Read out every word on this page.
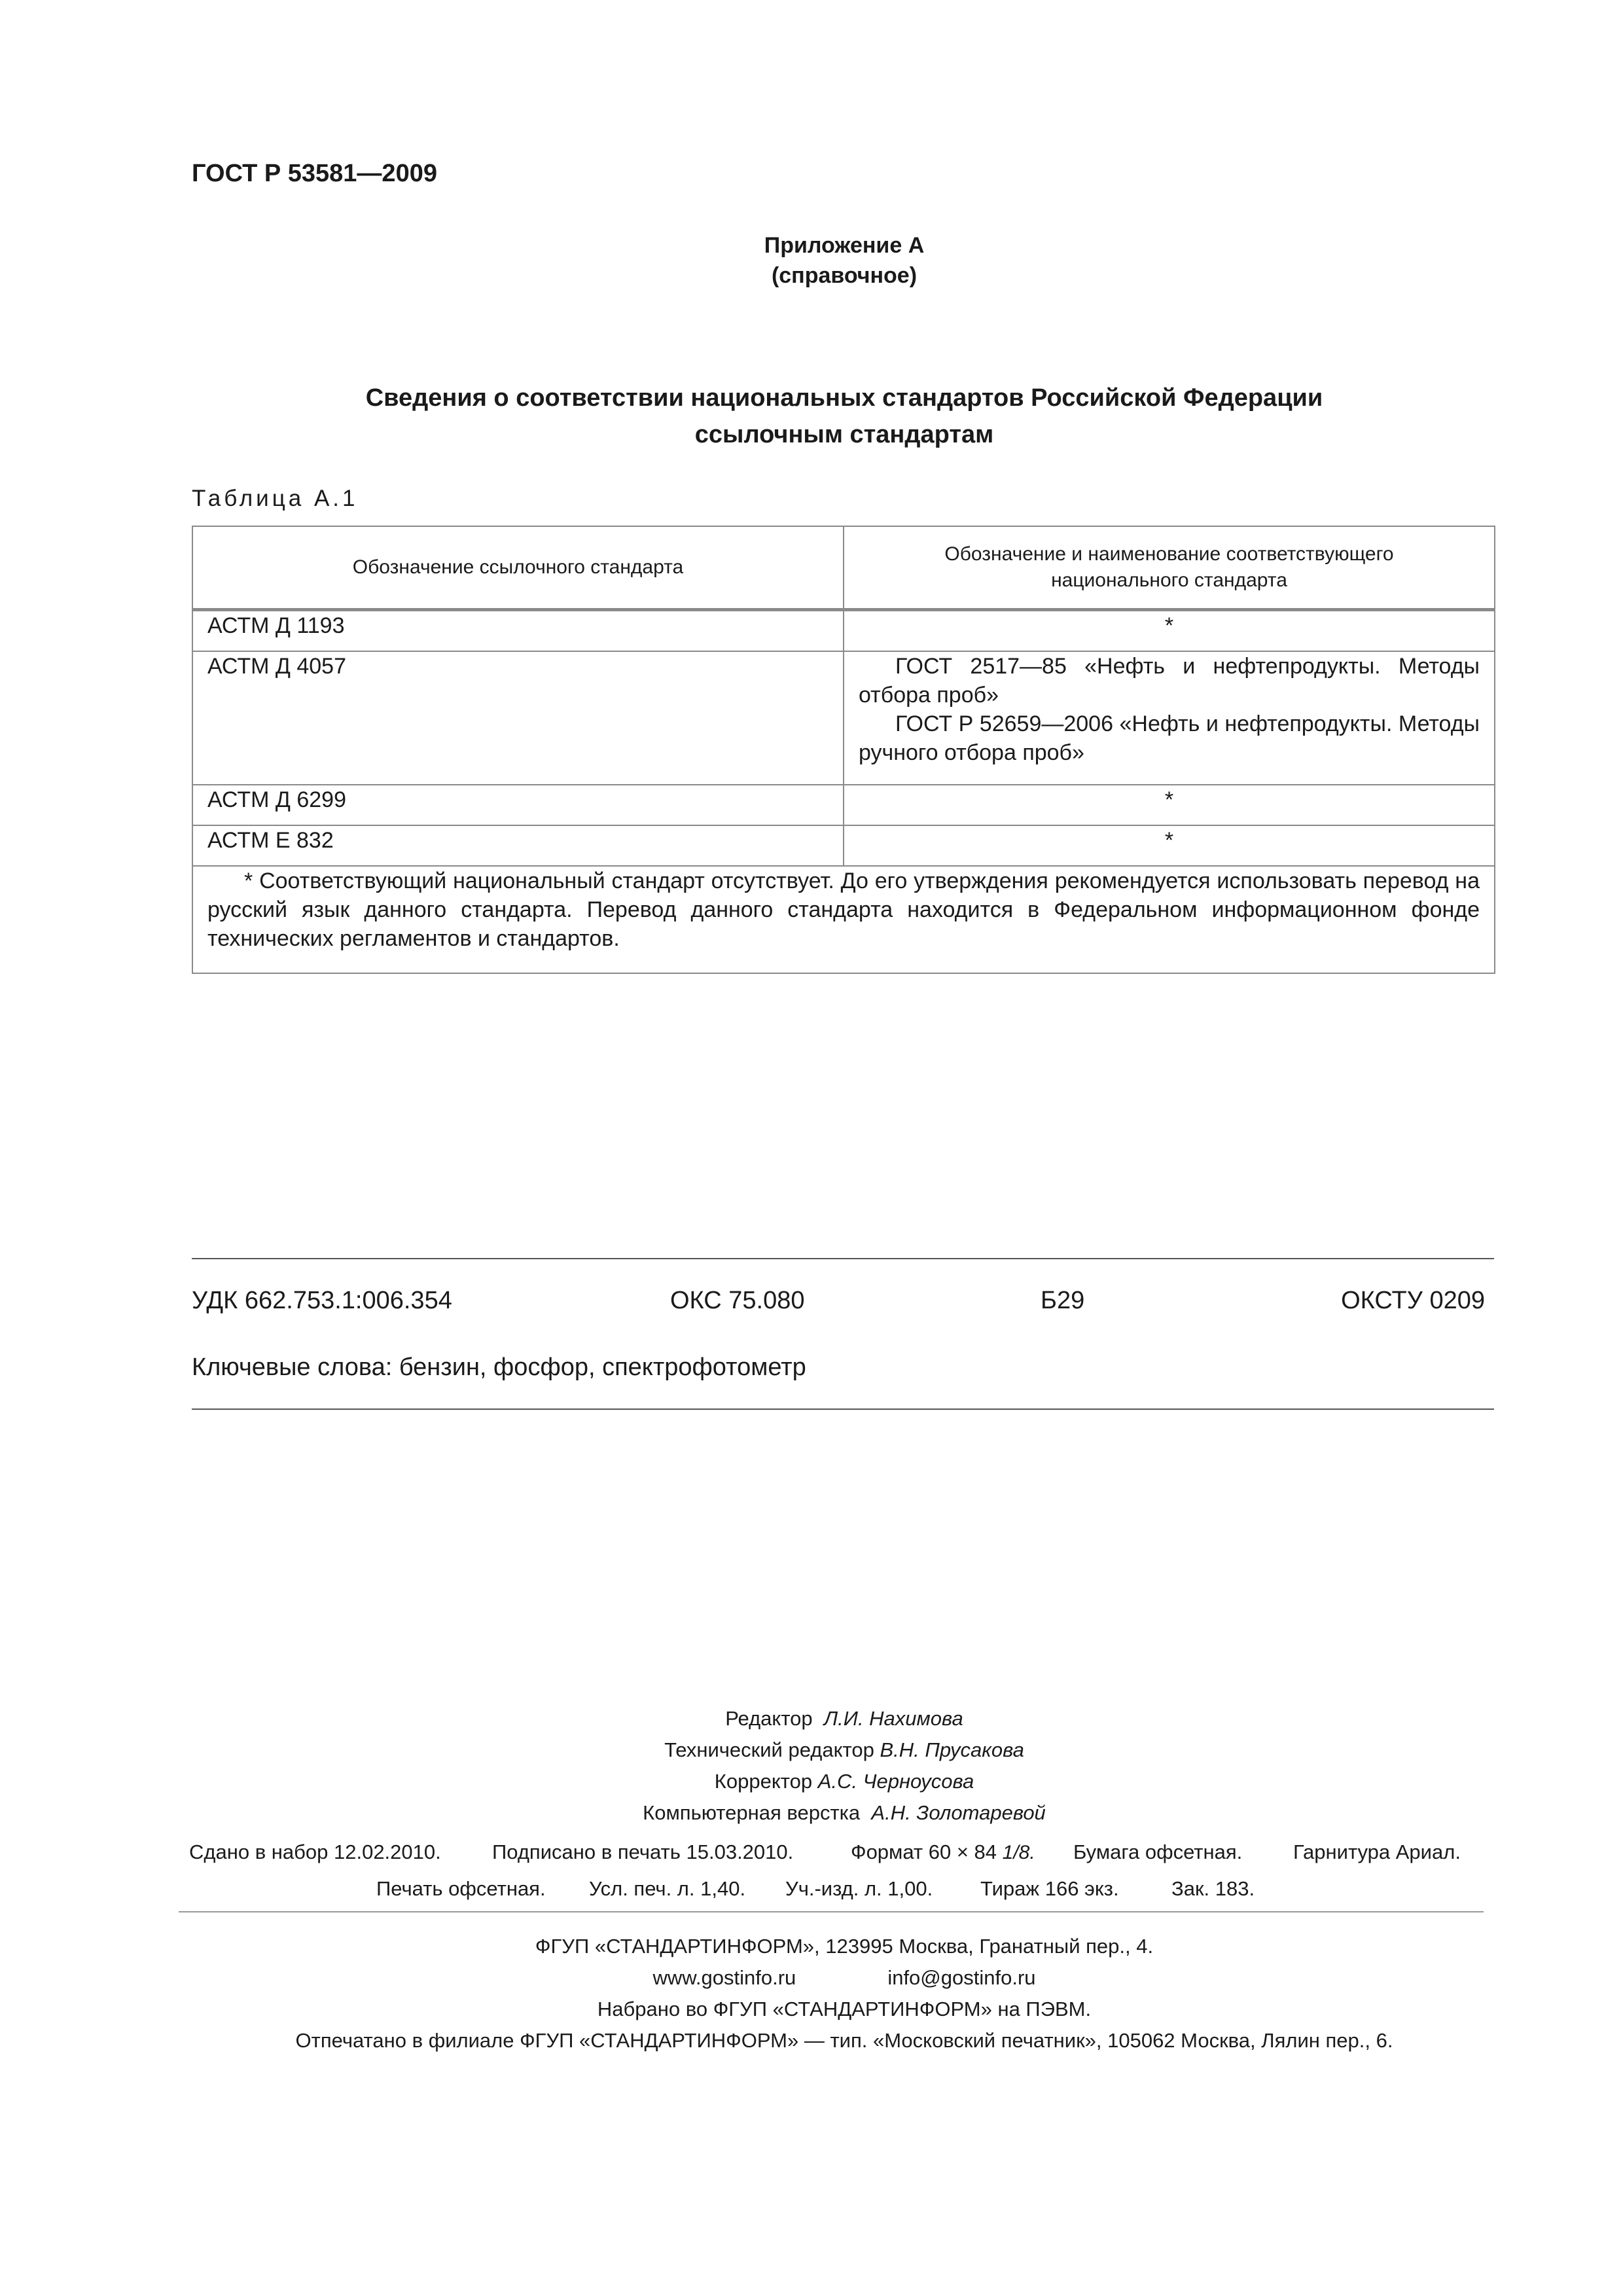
ГОСТ Р 53581—2009
Приложение А
(справочное)
Сведения о соответствии национальных стандартов Российской Федерации
ссылочным стандартам
Таблица А.1
Обозначение ссылочного стандарта	Обозначение и наименование соответствующего национального стандарта
АСТМ Д 1193	*
АСТМ Д 4057	ГОСТ 2517—85 «Нефть и нефтепродукты. Методы отбора проб»
ГОСТ Р 52659—2006 «Нефть и нефтепродукты. Методы ручного отбора проб»

АСТМ Д 6299	*
АСТМ Е 832	*
* Соответствующий национальный стандарт отсутствует. До его утверждения рекомендуется использовать перевод на русский язык данного стандарта. Перевод данного стандарта находится в Федеральном информационном фонде технических регламентов и стандартов.	
УДК 662.753.1:006.354	ОКС 75.080	Б29	ОКСТУ 0209
Ключевые слова: бензин, фосфор, спектрофотометр
Редактор Л.И. Нахимова
Технический редактор В.Н. Прусакова
Корректор А.С. Черноусова
Компьютерная верстка А.Н. Золотаревой
Сдано в набор 12.02.2010.	Подписано в печать 15.03.2010.	Формат 60 × 84 1/8. Бумага офсетная.	Гарнитура Ариал.
Печать офсетная. Усл. печ. л. 1,40. Уч.-изд. л. 1,00. Тираж 166 экз.	Зак. 183.
ФГУП «СТАНДАРТИНФОРМ», 123995 Москва, Гранатный пер., 4.
www.gostinfo.ru	info@gostinfo.ru
Набрано во ФГУП «СТАНДАРТИНФОРМ» на ПЭВМ.
Отпечатано в филиале ФГУП «СТАНДАРТИНФОРМ» — тип. «Московский печатник», 105062 Москва, Лялин пер., 6.
